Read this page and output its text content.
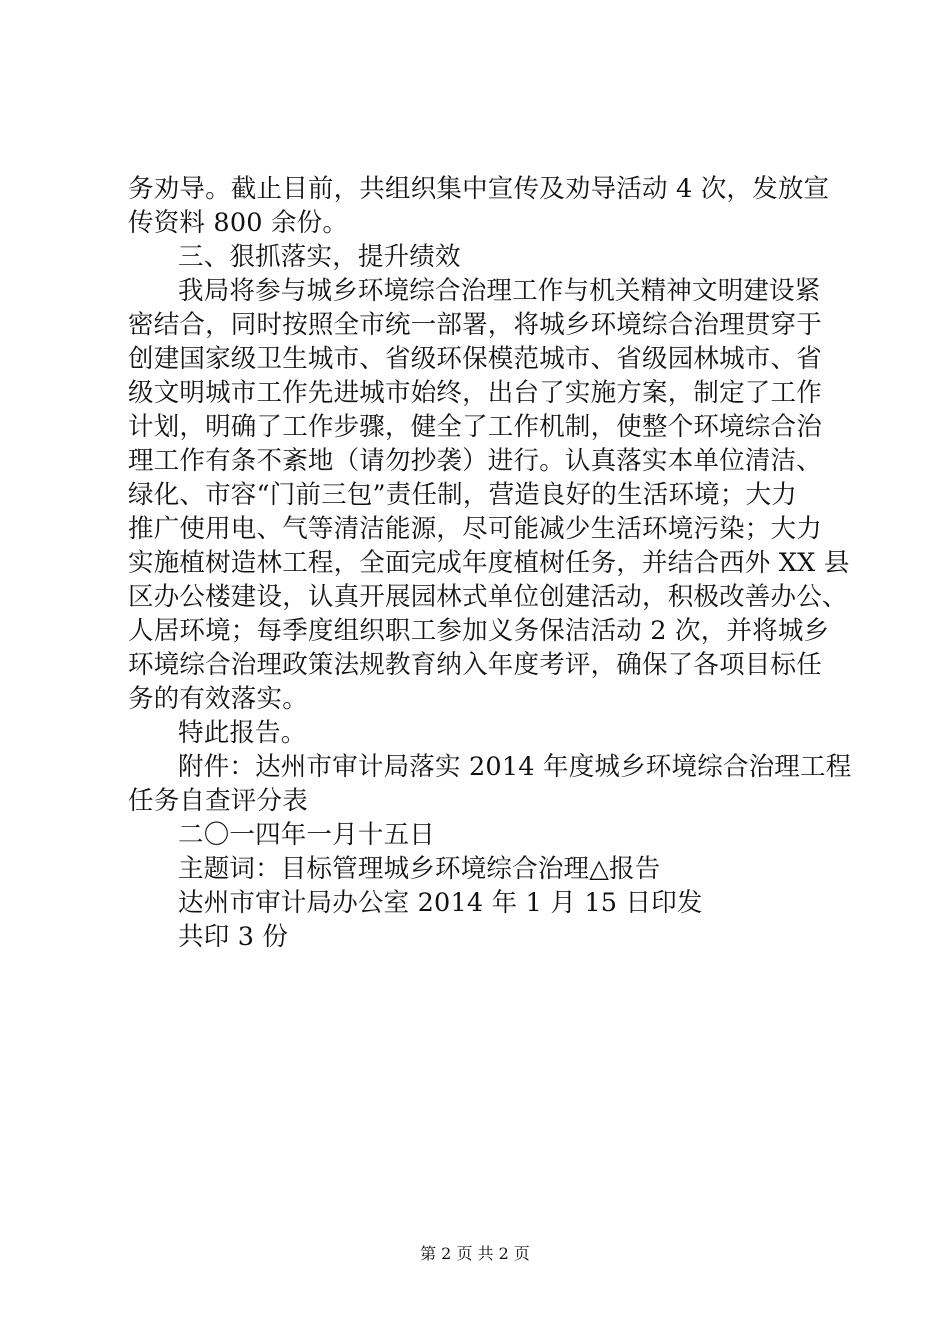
务劝导。截止目前，共组织集中宣传及劝导活动 4 次，发放宣
传资料 800 余份。
三、狠抓落实，提升绩效
我局将参与城乡环境综合治理工作与机关精神文明建设紧
密结合，同时按照全市统一部署，将城乡环境综合治理贯穿于
创建国家级卫生城市、省级环保模范城市、省级园林城市、省
级文明城市工作先进城市始终，出台了实施方案，制定了工作
计划，明确了工作步骤，健全了工作机制，使整个环境综合治
理工作有条不紊地（请勿抄袭）进行。认真落实本单位清洁、
绿化、市容“门前三包”责任制，营造良好的生活环境；大力
推广使用电、气等清洁能源，尽可能减少生活环境污染；大力
实施植树造林工程，全面完成年度植树任务，并结合西外 XX 县
区办公楼建设，认真开展园林式单位创建活动，积极改善办公、
人居环境；每季度组织职工参加义务保洁活动 2 次，并将城乡
环境综合治理政策法规教育纳入年度考评，确保了各项目标任
务的有效落实。
特此报告。
附件：达州市审计局落实 2014 年度城乡环境综合治理工程
任务自查评分表
二〇一四年一月十五日
主题词：目标管理城乡环境综合治理△报告
达州市审计局办公室 2014 年 1 月 15 日印发
共印 3 份
第 2 页 共 2 页
